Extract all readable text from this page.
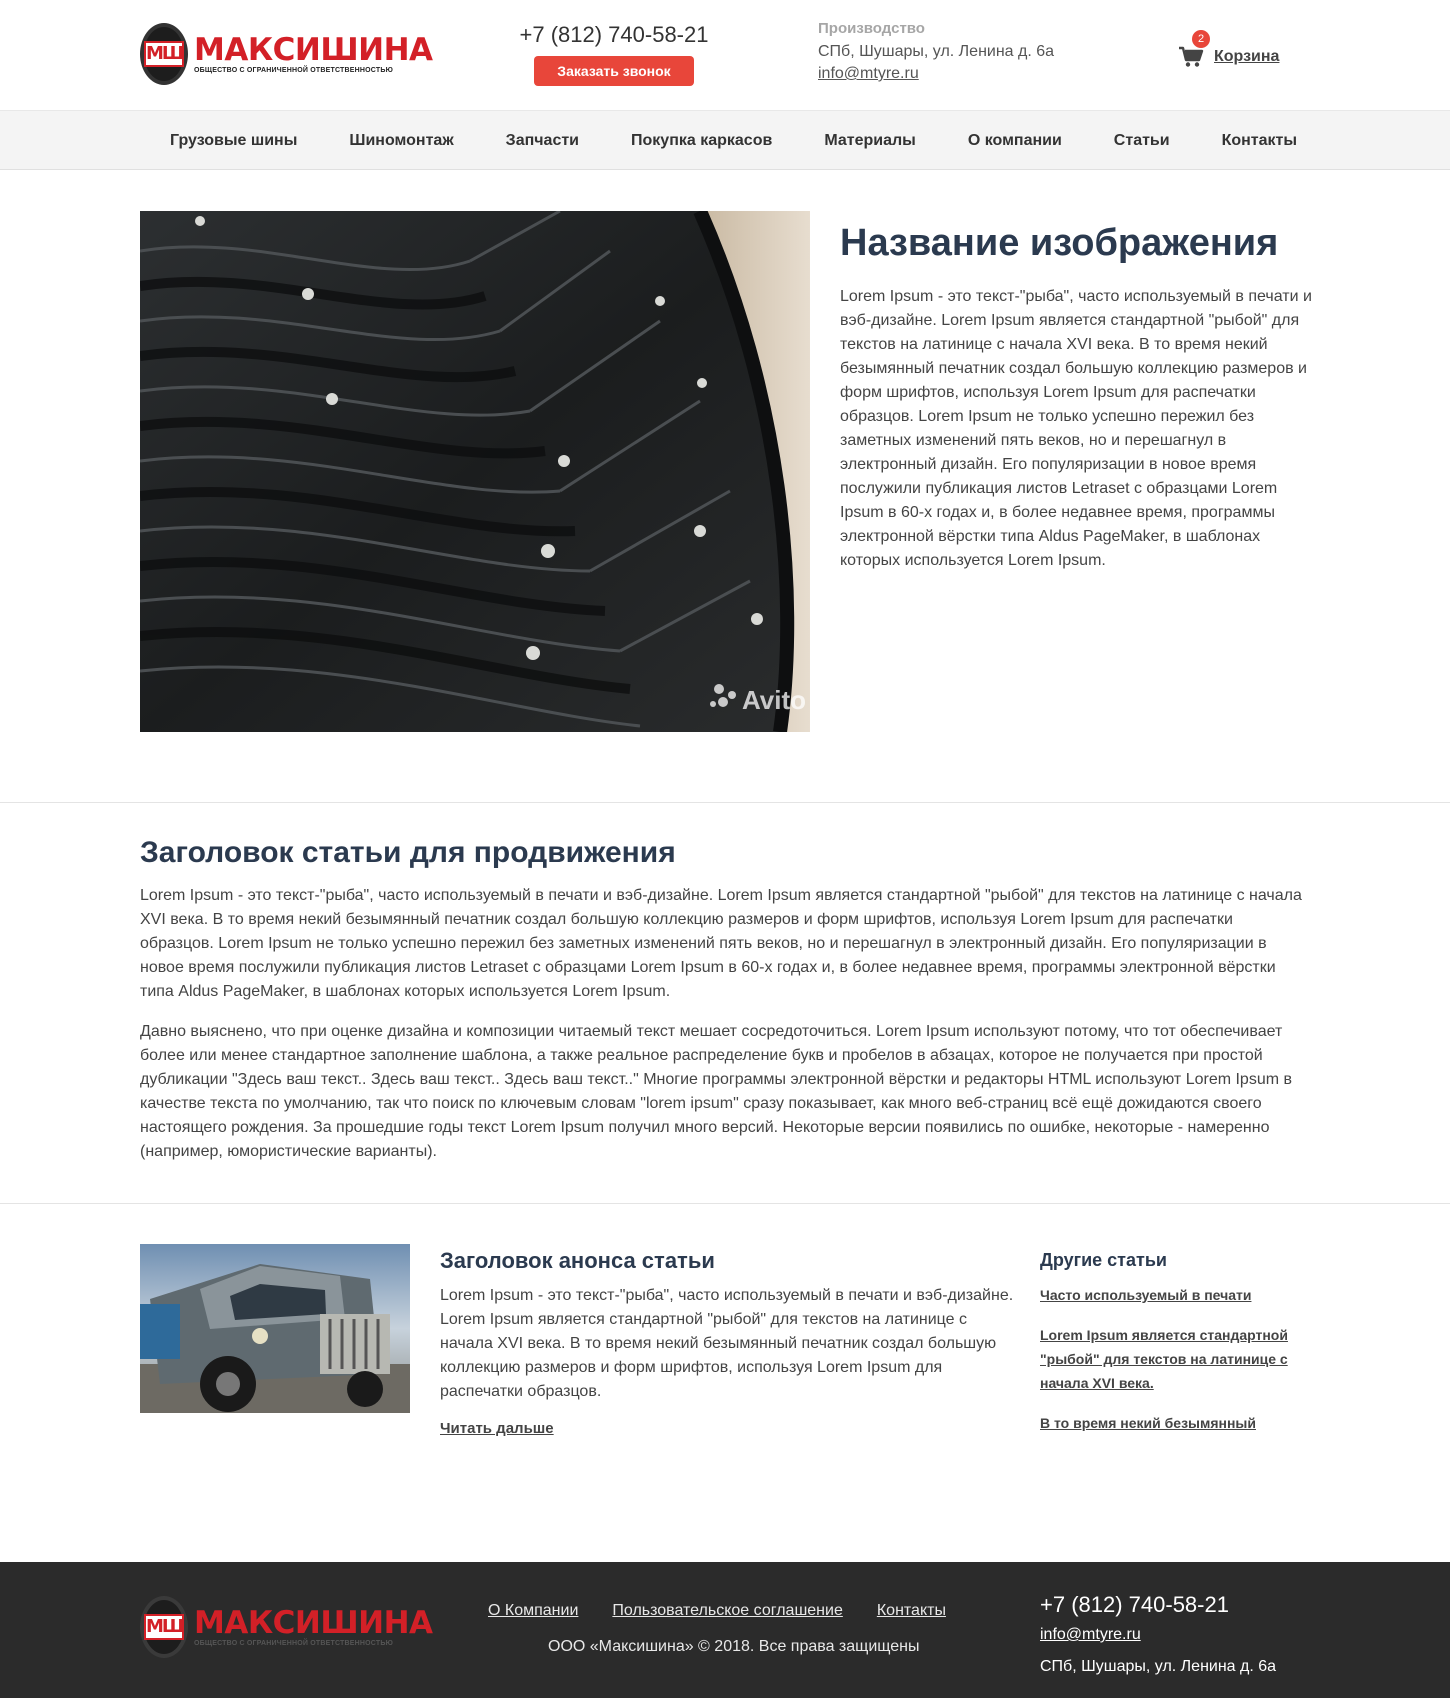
МШ МАКСИШИНА
ОБЩЕСТВО С ОГРАНИЧЕННОЙ ОТВЕТСТВЕННОСТЬЮ
+7 (812) 740-58-21
Заказать звонок
Производство
СПб, Шушары, ул. Ленина д. 6а
info@mtyre.ru
2
Корзина
Грузовые шины	Шиномонтаж	Запчасти	Покупка каркасов	Материалы	О компании	Статьи	Контакты
Название изображения
Lorem Ipsum - это текст-"рыба", часто используемый в печати и вэб-дизайне. Lorem Ipsum является стандартной "рыбой" для текстов на латинице с начала XVI века. В то время некий безымянный печатник создал большую коллекцию размеров и форм шрифтов, используя Lorem Ipsum для распечатки образцов. Lorem Ipsum не только успешно пережил без заметных изменений пять веков, но и перешагнул в электронный дизайн. Его популяризации в новое время послужили публикация листов Letraset с образцами Lorem Ipsum в 60-х годах и, в более недавнее время, программы электронной вёрстки типа Aldus PageMaker, в шаблонах которых используется Lorem Ipsum.
Avito
Заголовок статьи для продвижения
Lorem Ipsum - это текст-"рыба", часто используемый в печати и вэб-дизайне. Lorem Ipsum является стандартной "рыбой" для текстов на латинице с начала XVI века. В то время некий безымянный печатник создал большую коллекцию размеров и форм шрифтов, используя Lorem Ipsum для распечатки образцов. Lorem Ipsum не только успешно пережил без заметных изменений пять веков, но и перешагнул в электронный дизайн. Его популяризации в новое время послужили публикация листов Letraset с образцами Lorem Ipsum в 60-х годах и, в более недавнее время, программы электронной вёрстки типа Aldus PageMaker, в шаблонах которых используется Lorem Ipsum.
Давно выяснено, что при оценке дизайна и композиции читаемый текст мешает сосредоточиться. Lorem Ipsum используют потому, что тот обеспечивает более или менее стандартное заполнение шаблона, а также реальное распределение букв и пробелов в абзацах, которое не получается при простой дубликации "Здесь ваш текст.. Здесь ваш текст.. Здесь ваш текст.." Многие программы электронной вёрстки и редакторы HTML используют Lorem Ipsum в качестве текста по умолчанию, так что поиск по ключевым словам "lorem ipsum" сразу показывает, как много веб-страниц всё ещё дожидаются своего настоящего рождения. За прошедшие годы текст Lorem Ipsum получил много версий. Некоторые версии появились по ошибке, некоторые - намеренно (например, юмористические варианты).
Заголовок анонса статьи
Lorem Ipsum - это текст-"рыба", часто используемый в печати и вэб-дизайне. Lorem Ipsum является стандартной "рыбой" для текстов на латинице с начала XVI века. В то время некий безымянный печатник создал большую коллекцию размеров и форм шрифтов, используя Lorem Ipsum для распечатки образцов.
Читать дальше
Другие статьи
Часто используемый в печати
Lorem Ipsum является стандартной "рыбой" для текстов на латинице с начала XVI века.
В то время некий безымянный
МШ МАКСИШИНА
ОБЩЕСТВО С ОГРАНИЧЕННОЙ ОТВЕТСТВЕННОСТЬЮ
О Компании Пользовательское соглашение Контакты
ООО «Максишина» © 2018. Все права защищены
+7 (812) 740-58-21
info@mtyre.ru
СПб, Шушары, ул. Ленина д. 6а
